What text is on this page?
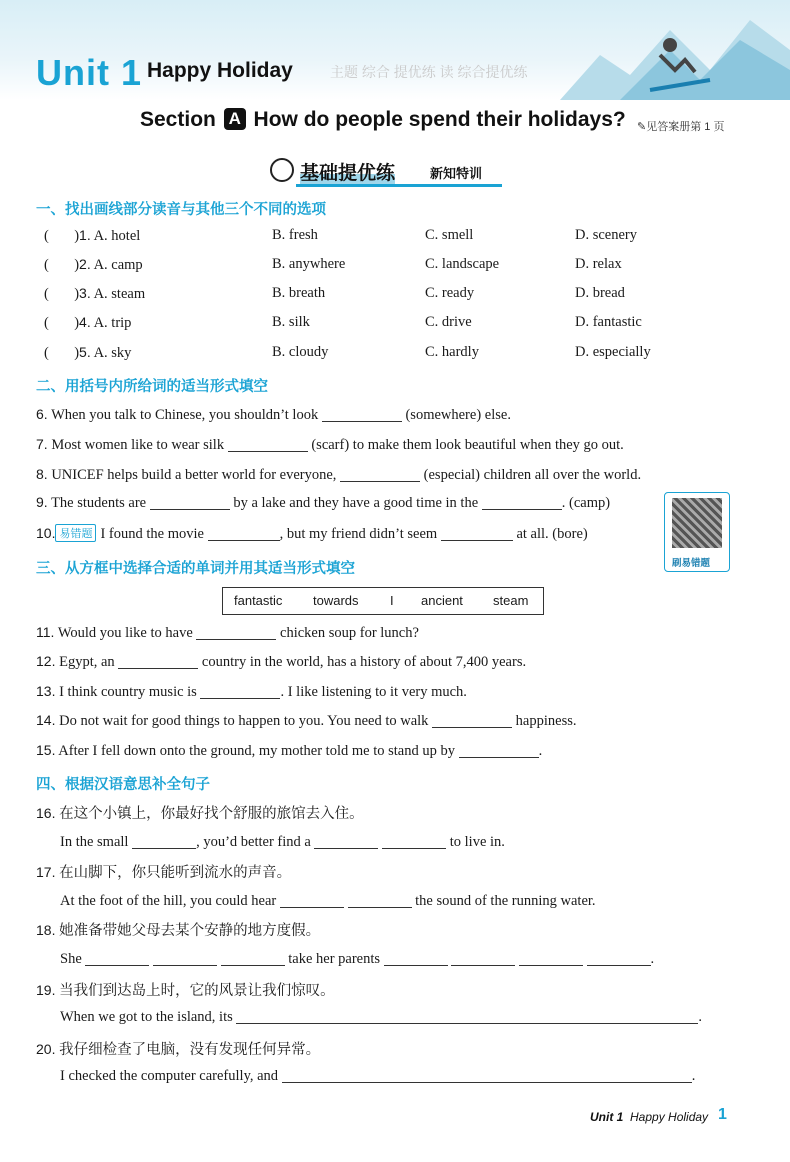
Unit 1 Happy Holiday	主题 综合 提优练 读 综合提优练
Section A How do people spend their holidays? ✎见答案册第 1 页
基础提优练	新知特训
一、找出画线部分读音与其他三个不同的选项
(       )1. A. hotel	B. fresh	C. smell	D. scenery
(       )2. A. camp	B. anywhere	C. landscape	D. relax
(       )3. A. steam	B. breath	C. ready	D. bread
(       )4. A. trip	B. silk	C. drive	D. fantastic
(       )5. A. sky	B. cloudy	C. hardly	D. especially
二、用括号内所给词的适当形式填空
6. When you talk to Chinese, you shouldn’t look	(somewhere) else.
7. Most women like to wear silk	(scarf) to make them look beautiful when they go out.
8. UNICEF helps build a better world for everyone,	(especial) children all over the world.
9. The students are	by a lake and they have a good time in the	. (camp)
10. 易错题 I found the movie	, but my friend didn’t seem	at all. (bore)
刷易错题
三、从方框中选择合适的单词并用其适当形式填空
fantastic towards I ancient steam
11. Would you like to have	chicken soup for lunch?
12. Egypt, an	country in the world, has a history of about 7,400 years.
13. I think country music is	. I like listening to it very much.
14. Do not wait for good things to happen to you. You need to walk	happiness.
15. After I fell down onto the ground, my mother told me to stand up by	.
四、根据汉语意思补全句子
16. 在这个小镇上，你最好找个舒服的旅馆去入住。
In the small	, you’d better find a	to live in.
17. 在山脚下，你只能听到流水的声音。
At the foot of the hill, you could hear	the sound of the running water.
18. 她准备带她父母去某个安静的地方度假。
She	take her parents	.
19. 当我们到达岛上时，它的风景让我们惊叹。
When we got to the island, its	.
20. 我仔细检查了电脑，没有发现任何异常。
I checked the computer carefully, and	.
Unit 1 Happy Holiday 1
